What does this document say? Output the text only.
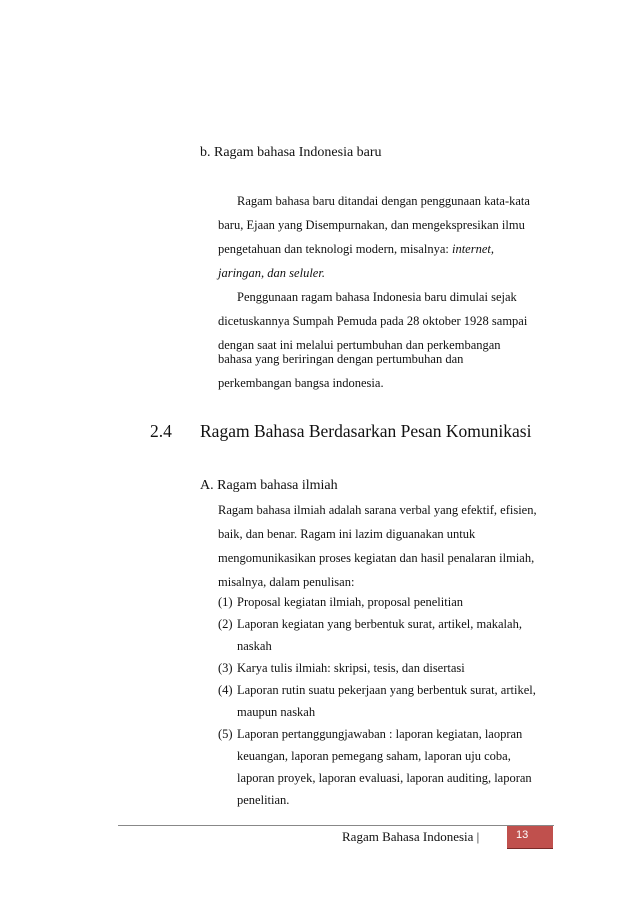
b. Ragam bahasa Indonesia baru
Ragam bahasa baru ditandai dengan penggunaan kata-kata
baru, Ejaan yang Disempurnakan, dan mengekspresikan ilmu
pengetahuan dan teknologi modern, misalnya: internet,
jaringan, dan seluler.
Penggunaan ragam bahasa Indonesia baru dimulai sejak
dicetuskannya Sumpah Pemuda pada 28 oktober 1928 sampai
dengan saat ini melalui pertumbuhan dan perkembangan
bahasa yang beriringan dengan pertumbuhan dan
perkembangan bangsa indonesia.
2.4 Ragam Bahasa Berdasarkan Pesan Komunikasi
A. Ragam bahasa ilmiah
Ragam bahasa ilmiah adalah sarana verbal yang efektif, efisien,
baik, dan benar. Ragam ini lazim diguanakan untuk
mengomunikasikan proses kegiatan dan hasil penalaran ilmiah,
misalnya, dalam penulisan:
(1) Proposal kegiatan ilmiah, proposal penelitian
(2) Laporan kegiatan yang berbentuk surat, artikel, makalah,
naskah
(3) Karya tulis ilmiah: skripsi, tesis, dan disertasi
(4) Laporan rutin suatu pekerjaan yang berbentuk surat, artikel,
maupun naskah
(5) Laporan pertanggungjawaban : laporan kegiatan, laopran
keuangan, laporan pemegang saham, laporan uju coba,
laporan proyek, laporan evaluasi, laporan auditing, laporan
penelitian.
Ragam Bahasa Indonesia |	13
